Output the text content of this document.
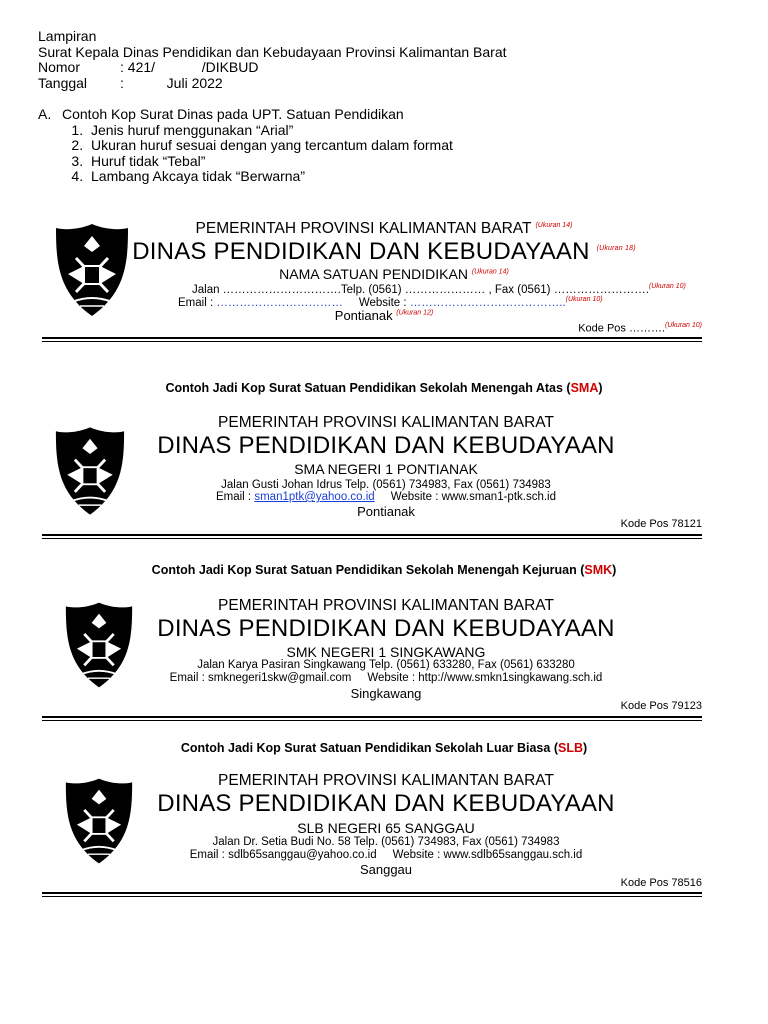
Lampiran
Surat Kepala Dinas Pendidikan dan Kebudayaan Provinsi Kalimantan Barat
Nomor	: 421/            /DIKBUD
Tanggal :           Juli 2022
A. Contoh Kop Surat Dinas pada UPT. Satuan Pendidikan
1. Jenis huruf menggunakan “Arial”
2. Ukuran huruf sesuai dengan yang tercantum dalam format
3. Huruf tidak “Tebal”
4. Lambang Akcaya tidak “Berwarna”
PEMERINTAH PROVINSI KALIMANTAN BARAT $^{(Ukuran 14)}$
DINAS PENDIDIKAN DAN KEBUDAYAAN $^{(Ukuran 18)}$
NAMA SATUAN PENDIDIKAN $^{(Ukuran 14)}$
Jalan ………………………….Telp. (0561) ………………… , Fax (0561) …………………….$^{(Ukuran 10)}$
Email : …………………………… Website : …………………………………..$^{(Ukuran 10)}$
Pontianak $^{(Ukuran 12)}$
Kode Pos ……….$^{(Ukuran 10)}$
Contoh Jadi Kop Surat Satuan Pendidikan Sekolah Menengah Atas (SMA)
PEMERINTAH PROVINSI KALIMANTAN BARAT
DINAS PENDIDIKAN DAN KEBUDAYAAN
SMA NEGERI 1 PONTIANAK
Jalan Gusti Johan Idrus Telp. (0561) 734983, Fax (0561) 734983
Email : sman1ptk@yahoo.co.id Website : www.sman1-ptk.sch.id
Pontianak
Kode Pos 78121
Contoh Jadi Kop Surat Satuan Pendidikan Sekolah Menengah Kejuruan (SMK)
PEMERINTAH PROVINSI KALIMANTAN BARAT
DINAS PENDIDIKAN DAN KEBUDAYAAN
SMK NEGERI 1 SINGKAWANG
Jalan Karya Pasiran Singkawang Telp. (0561) 633280, Fax (0561) 633280
Email : smknegeri1skw@gmail.com Website : http://www.smkn1singkawang.sch.id
Singkawang
Kode Pos 79123
Contoh Jadi Kop Surat Satuan Pendidikan Sekolah Luar Biasa (SLB)
PEMERINTAH PROVINSI KALIMANTAN BARAT
DINAS PENDIDIKAN DAN KEBUDAYAAN
SLB NEGERI 65 SANGGAU
Jalan Dr. Setia Budi No. 58 Telp. (0561) 734983, Fax (0561) 734983
Email : sdlb65sanggau@yahoo.co.id Website : www.sdlb65sanggau.sch.id
Sanggau
Kode Pos 78516
